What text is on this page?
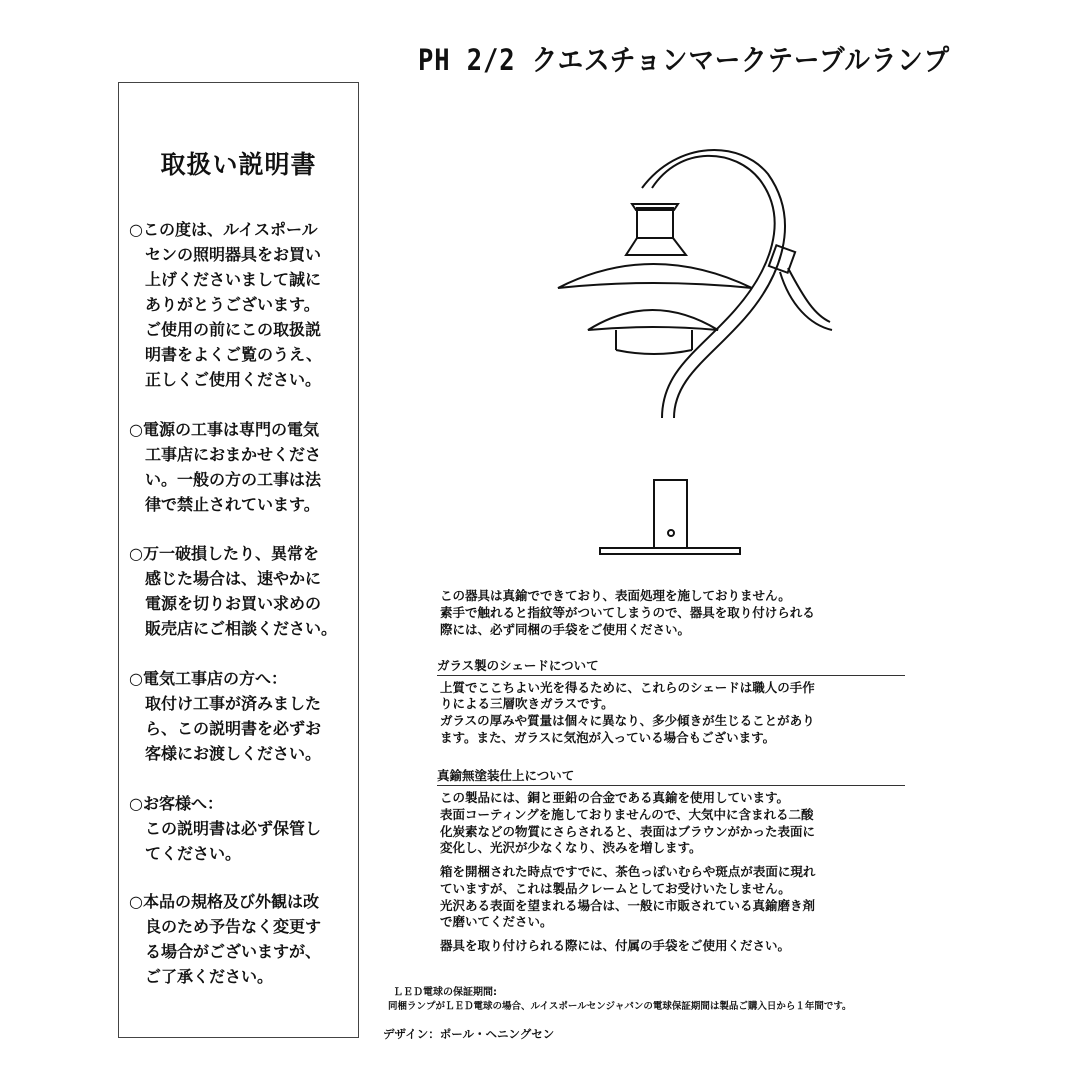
PH 2/2 クエスチョンマークテーブルランプ
取扱い説明書
○この度は、ルイスポール
　センの照明器具をお買い
　上げくださいまして誠に
　ありがとうございます。
　ご使用の前にこの取扱説
　明書をよくご覧のうえ、
　正しくご使用ください。
○電源の工事は専門の電気
　工事店におまかせくださ
　い。一般の方の工事は法
　律で禁止されています。
○万一破損したり、異常を
　感じた場合は、速やかに
　電源を切りお買い求めの
　販売店にご相談ください。
○電気工事店の方へ：
　取付け工事が済みました
　ら、この説明書を必ずお
　客様にお渡しください。
○お客様へ：
　この説明書は必ず保管し
　てください。
○本品の規格及び外観は改
　良のため予告なく変更す
　る場合がございますが、
　ご了承ください。
この器具は真鍮でできており、表面処理を施しておりません。
素手で触れると指紋等がついてしまうので、器具を取り付けられる
際には、必ず同梱の手袋をご使用ください。
ガラス製のシェードについて
上質でここちよい光を得るために、これらのシェードは職人の手作
りによる三層吹きガラスです。
ガラスの厚みや質量は個々に異なり、多少傾きが生じることがあり
ます。また、ガラスに気泡が入っている場合もございます。
真鍮無塗装仕上について
この製品には、銅と亜鉛の合金である真鍮を使用しています。
表面コーティングを施しておりませんので、大気中に含まれる二酸
化炭素などの物質にさらされると、表面はブラウンがかった表面に
変化し、光沢が少なくなり、渋みを増します。
箱を開梱された時点ですでに、茶色っぽいむらや斑点が表面に現れ
ていますが、これは製品クレームとしてお受けいたしません。
光沢ある表面を望まれる場合は、一般に市販されている真鍮磨き剤
で磨いてください。
器具を取り付けられる際には、付属の手袋をご使用ください。
ＬＥＤ電球の保証期間:
同梱ランプがＬＥＤ電球の場合、ルイスポールセンジャパンの電球保証期間は製品ご購入日から１年間です。
デザイン：ポール・ヘニングセン
